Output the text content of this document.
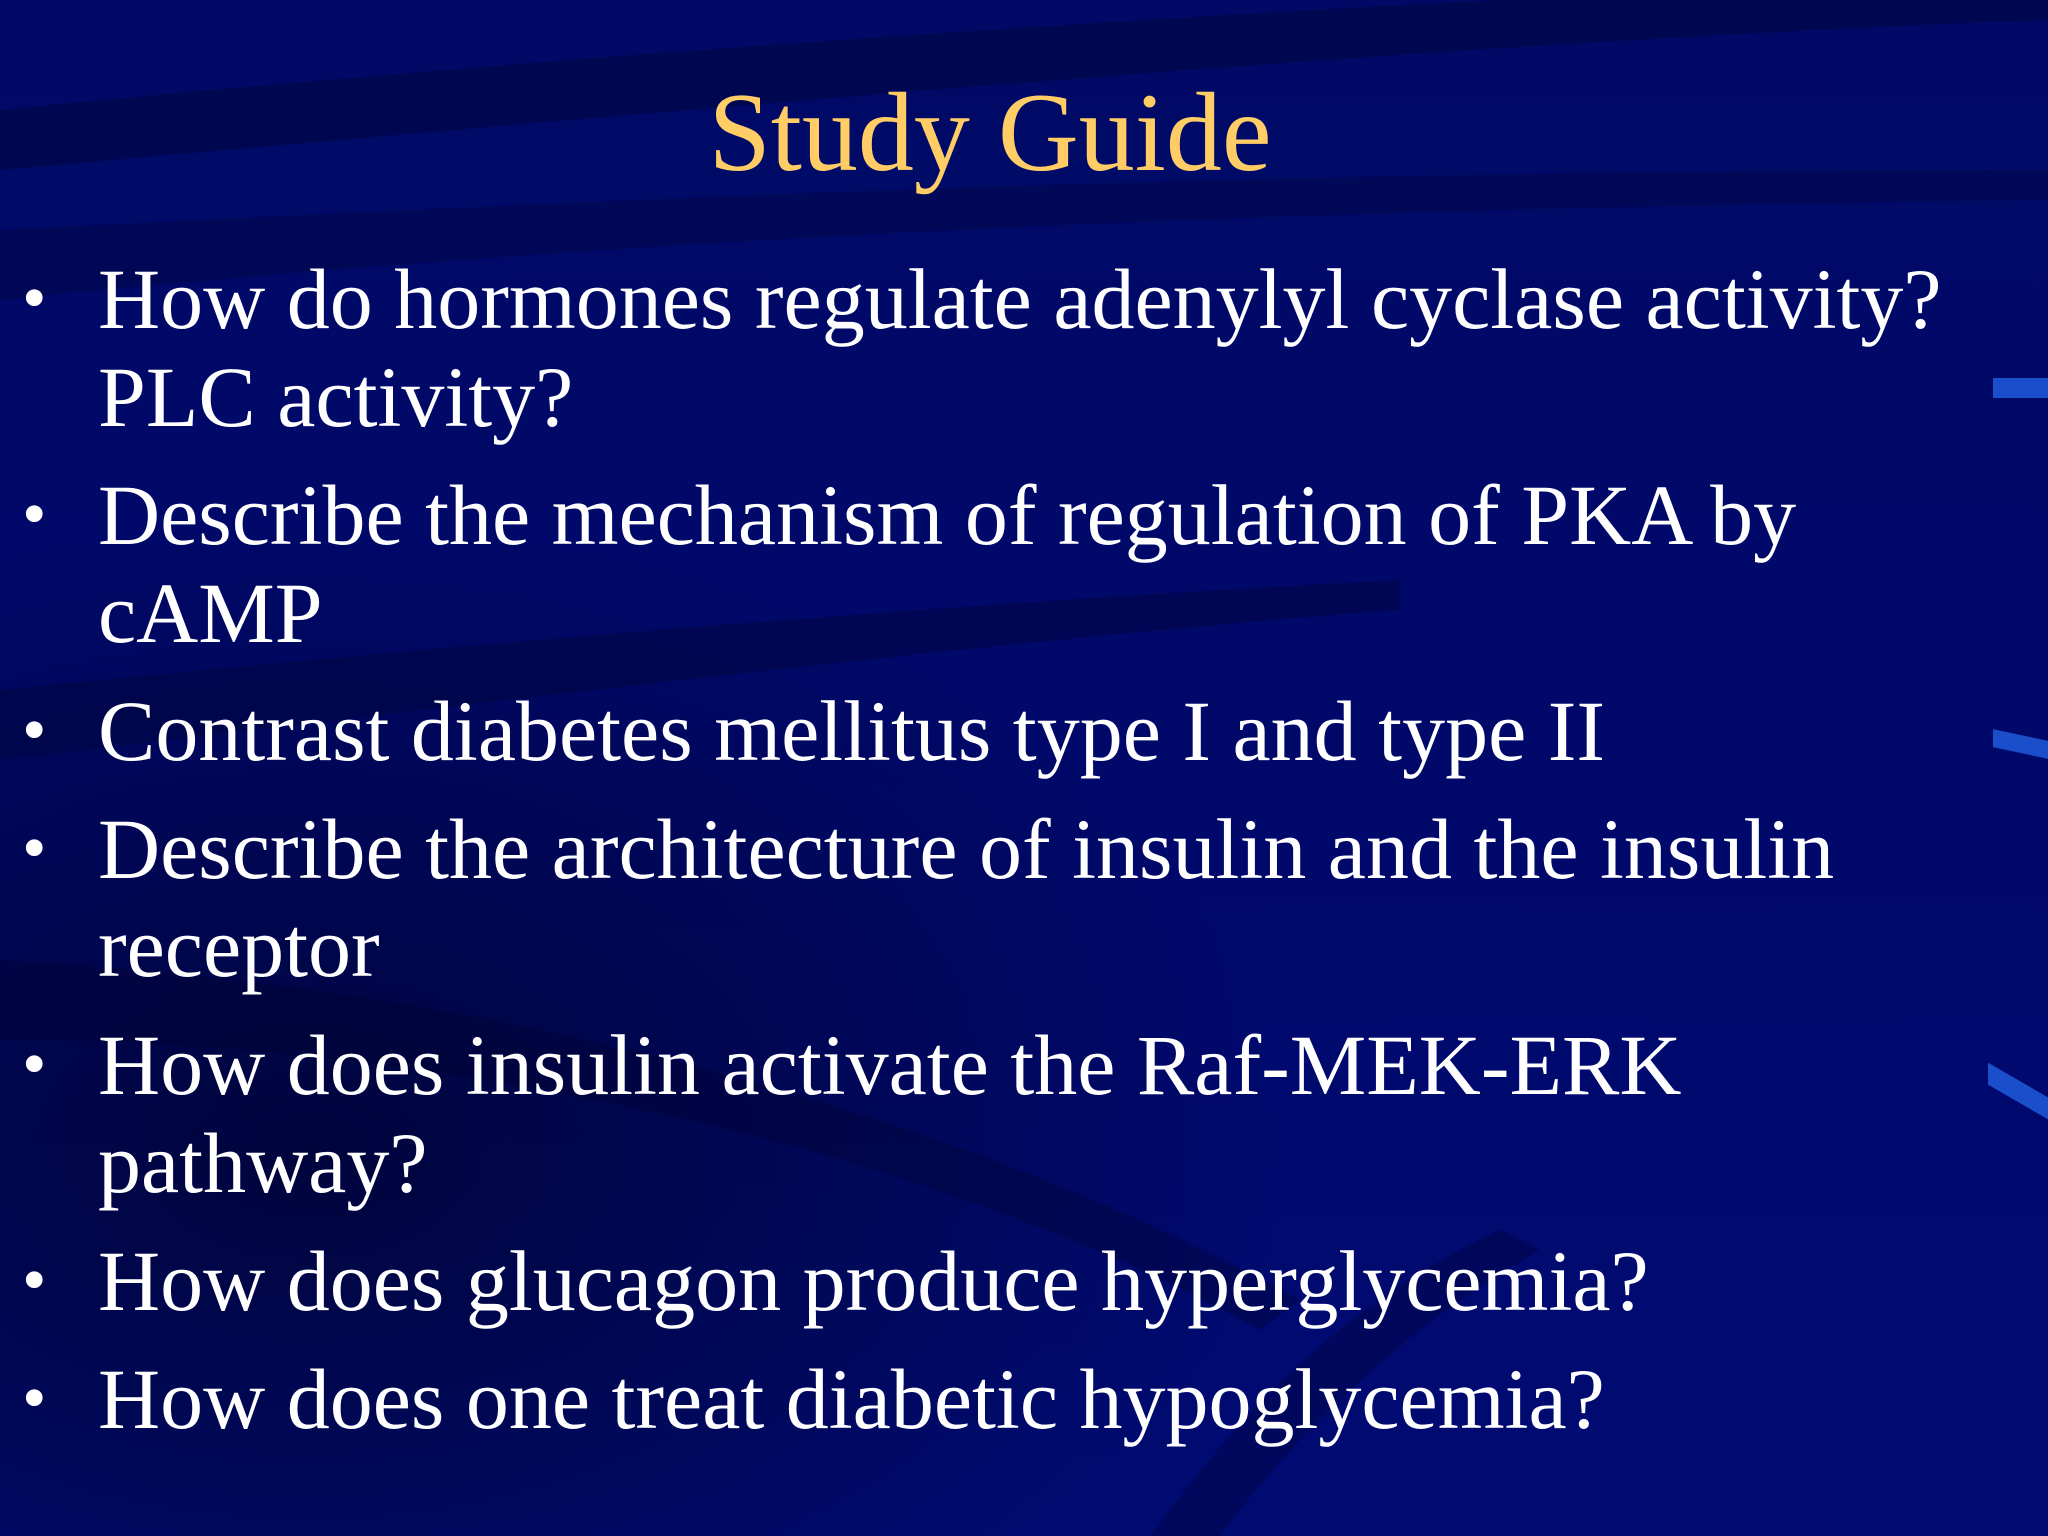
Study Guide
• How do hormones regulate adenylyl cyclase activity? PLC activity?
• Describe the mechanism of regulation of PKA by cAMP
• Contrast diabetes mellitus type I and type II
• Describe the architecture of insulin and the insulin receptor
• How does insulin activate the Raf-MEK-ERK pathway?
• How does glucagon produce hyperglycemia?
• How does one treat diabetic hypoglycemia?
